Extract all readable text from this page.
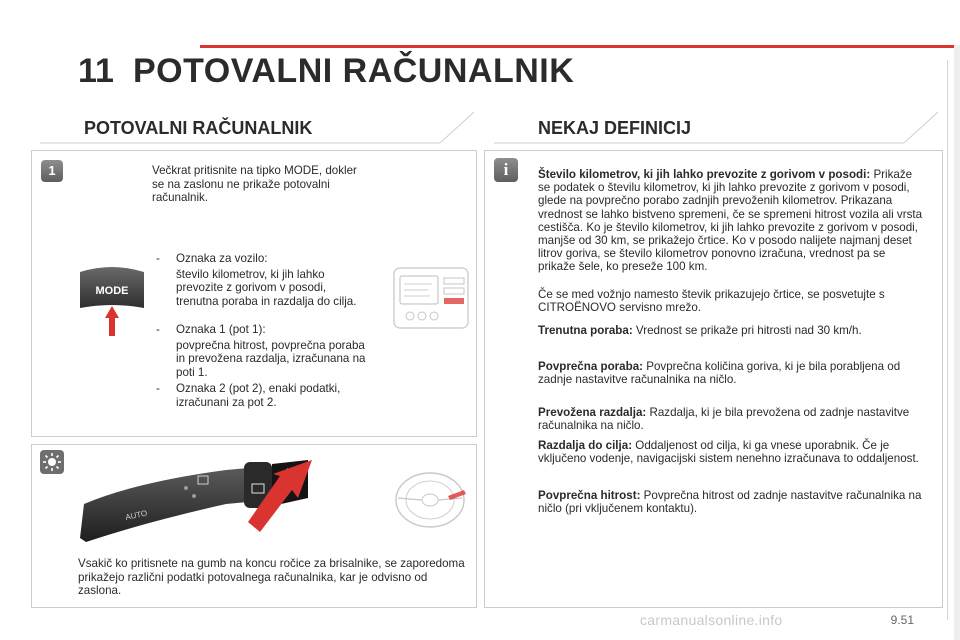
11 POTOVALNI RAČUNALNIK
POTOVALNI RAČUNALNIK	NEKAJ DEFINICIJ
1	Večkrat pritisnite na tipko MODE, dokler se na zaslonu ne prikaže potovalni računalnik.
MODE
- Oznaka za vozilo:
število kilometrov, ki jih lahko prevozite z gorivom v posodi, trenutna poraba in razdalja do cilja.
- Oznaka 1 (pot 1):
povprečna hitrost, povprečna poraba in prevožena razdalja, izračunana na poti 1.
- Oznaka 2 (pot 2), enaki podatki, izračunani za pot 2.
AUTO
Vsakič ko pritisnete na gumb na koncu ročice za brisalnike, se zaporedoma prikažejo različni podatki potovalnega računalnika, kar je odvisno od zaslona.
i	Število kilometrov, ki jih lahko prevozite z gorivom v posodi: Prikaže se podatek o številu kilometrov, ki jih lahko prevozite z gorivom v posodi, glede na povprečno porabo zadnjih prevoženih kilometrov. Prikazana vrednost se lahko bistveno spremeni, če se spremeni hitrost vozila ali vrsta cestišča. Ko je število kilometrov, ki jih lahko prevozite z gorivom v posodi, manjše od 30 km, se prikažejo črtice. Ko v posodo nalijete najmanj deset litrov goriva, se število kilometrov ponovno izračuna, vrednost pa se prikaže šele, ko preseže 100 km.
Če se med vožnjo namesto števik prikazujejo črtice, se posvetujte s CITROËNOVO servisno mrežo.
Trenutna poraba: Vrednost se prikaže pri hitrosti nad 30 km/h.
Povprečna poraba: Povprečna količina goriva, ki je bila porabljena od zadnje nastavitve računalnika na ničlo.
Prevožena razdalja: Razdalja, ki je bila prevožena od zadnje nastavitve računalnika na ničlo.
Razdalja do cilja: Oddaljenost od cilja, ki ga vnese uporabnik. Če je vključeno vodenje, navigacijski sistem nenehno izračunava to oddaljenost.
Povprečna hitrost: Povprečna hitrost od zadnje nastavitve računalnika na ničlo (pri vključenem kontaktu).
carmanualsonline.info	9.51
